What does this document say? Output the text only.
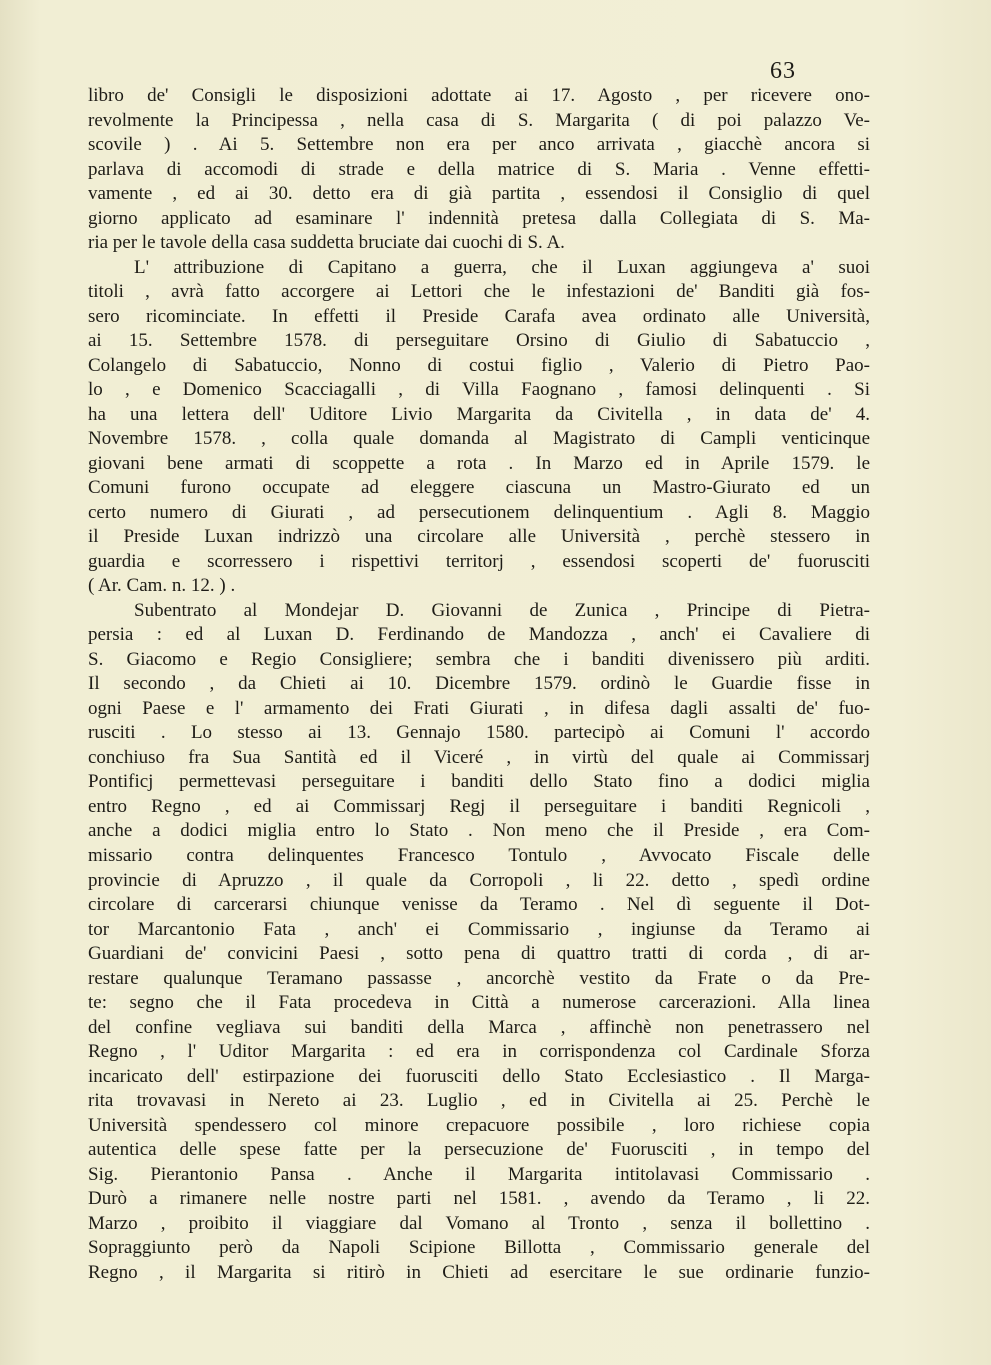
63
libro de' Consigli le disposizioni adottate ai 17. Agosto , per ricevere ono-
revolmente la Principessa , nella casa di S. Margarita ( di poi palazzo Ve-
scovile ) . Ai 5. Settembre non era per anco arrivata , giacchè ancora si
parlava di accomodi di strade e della matrice di S. Maria . Venne effetti-
vamente , ed ai 30. detto era di già partita , essendosi il Consiglio di quel
giorno applicato ad esaminare l' indennità pretesa dalla Collegiata di S. Ma-
ria per le tavole della casa suddetta bruciate dai cuochi di S. A.
L' attribuzione di Capitano a guerra, che il Luxan aggiungeva a' suoi
titoli , avrà fatto accorgere ai Lettori che le infestazioni de' Banditi già fos-
sero ricominciate. In effetti il Preside Carafa avea ordinato alle Università,
ai 15. Settembre 1578. di perseguitare Orsino di Giulio di Sabatuccio ,
Colangelo di Sabatuccio, Nonno di costui figlio , Valerio di Pietro Pao-
lo , e Domenico Scacciagalli , di Villa Faognano , famosi delinquenti . Si
ha una lettera dell' Uditore Livio Margarita da Civitella , in data de' 4.
Novembre 1578. , colla quale domanda al Magistrato di Campli venticinque
giovani bene armati di scoppette a rota . In Marzo ed in Aprile 1579. le
Comuni furono occupate ad eleggere ciascuna un Mastro-Giurato ed un
certo numero di Giurati , ad persecutionem delinquentium . Agli 8. Maggio
il Preside Luxan indrizzò una circolare alle Università , perchè stessero in
guardia e scorressero i rispettivi territorj , essendosi scoperti de' fuorusciti
( Ar. Cam. n. 12. ) .
Subentrato al Mondejar D. Giovanni de Zunica , Principe di Pietra-
persia : ed al Luxan D. Ferdinando de Mandozza , anch' ei Cavaliere di
S. Giacomo e Regio Consigliere; sembra che i banditi divenissero più arditi.
Il secondo , da Chieti ai 10. Dicembre 1579. ordinò le Guardie fisse in
ogni Paese e l' armamento dei Frati Giurati , in difesa dagli assalti de' fuo-
rusciti . Lo stesso ai 13. Gennajo 1580. partecipò ai Comuni l' accordo
conchiuso fra Sua Santità ed il Viceré , in virtù del quale ai Commissarj
Pontificj permettevasi perseguitare i banditi dello Stato fino a dodici miglia
entro Regno , ed ai Commissarj Regj il perseguitare i banditi Regnicoli ,
anche a dodici miglia entro lo Stato . Non meno che il Preside , era Com-
missario contra delinquentes Francesco Tontulo , Avvocato Fiscale delle
provincie di Apruzzo , il quale da Corropoli , li 22. detto , spedì ordine
circolare di carcerarsi chiunque venisse da Teramo . Nel dì seguente il Dot-
tor Marcantonio Fata , anch' ei Commissario , ingiunse da Teramo ai
Guardiani de' convicini Paesi , sotto pena di quattro tratti di corda , di ar-
restare qualunque Teramano passasse , ancorchè vestito da Frate o da Pre-
te: segno che il Fata procedeva in Città a numerose carcerazioni. Alla linea
del confine vegliava sui banditi della Marca , affinchè non penetrassero nel
Regno , l' Uditor Margarita : ed era in corrispondenza col Cardinale Sforza
incaricato dell' estirpazione dei fuorusciti dello Stato Ecclesiastico . Il Marga-
rita trovavasi in Nereto ai 23. Luglio , ed in Civitella ai 25. Perchè le
Università spendessero col minore crepacuore possibile , loro richiese copia
autentica delle spese fatte per la persecuzione de' Fuorusciti , in tempo del
Sig. Pierantonio Pansa . Anche il Margarita intitolavasi Commissario .
Durò a rimanere nelle nostre parti nel 1581. , avendo da Teramo , li 22.
Marzo , proibito il viaggiare dal Vomano al Tronto , senza il bollettino .
Sopraggiunto però da Napoli Scipione Billotta , Commissario generale del
Regno , il Margarita si ritirò in Chieti ad esercitare le sue ordinarie funzio-
